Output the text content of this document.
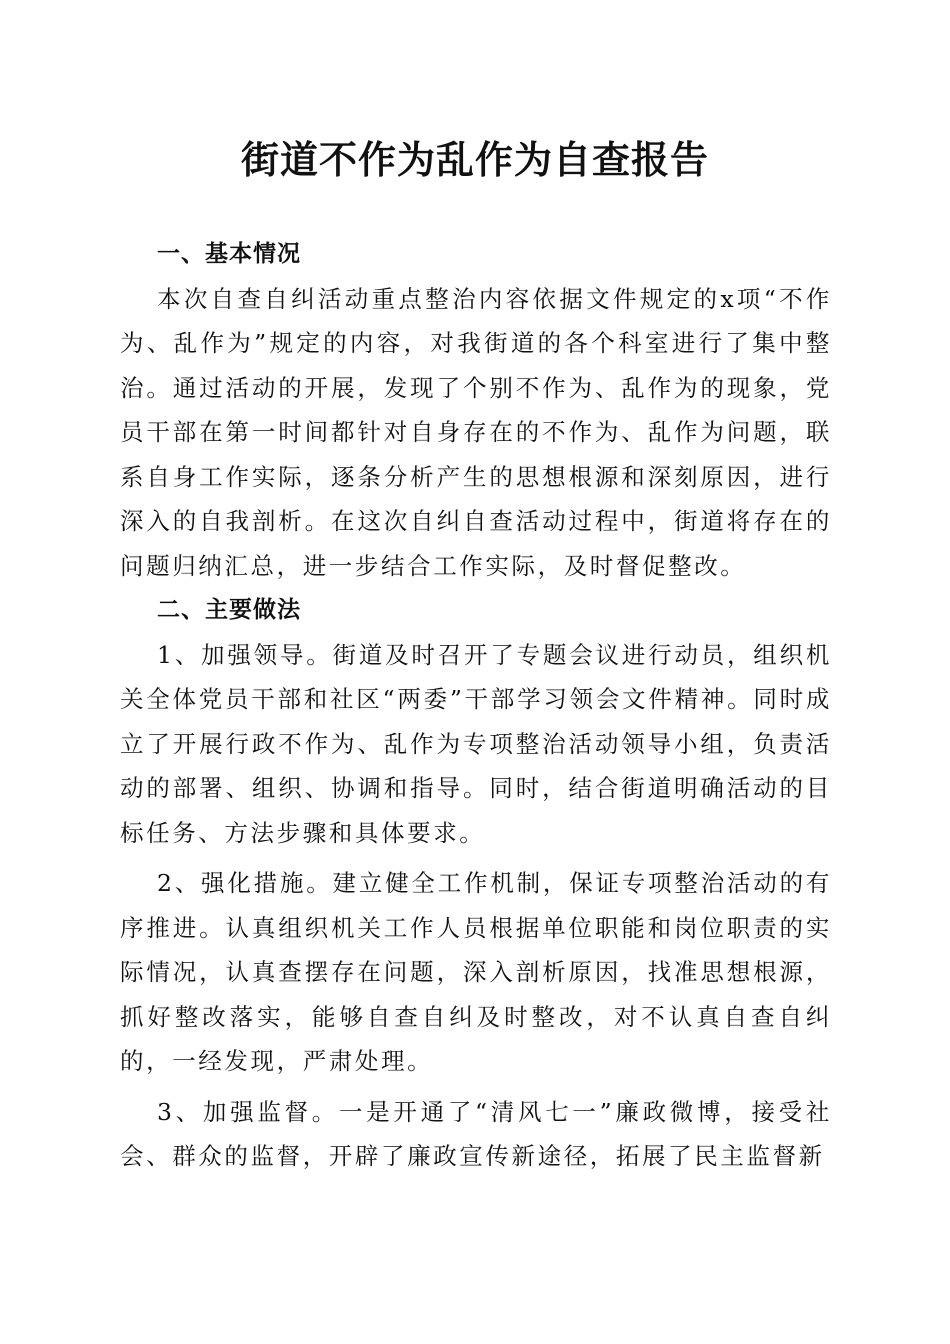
街道不作为乱作为自查报告
一、基本情况

本次自查自纠活动重点整治内容依据文件规定的x项“不作为、乱作为”规定的内容，对我街道的各个科室进行了集中整治。通过活动的开展，发现了个别不作为、乱作为的现象，党员干部在第一时间都针对自身存在的不作为、乱作为问题，联系自身工作实际，逐条分析产生的思想根源和深刻原因，进行深入的自我剖析。在这次自纠自查活动过程中，街道将存在的问题归纳汇总，进一步结合工作实际，及时督促整改。

二、主要做法

1、加强领导。街道及时召开了专题会议进行动员，组织机关全体党员干部和社区“两委”干部学习领会文件精神。同时成立了开展行政不作为、乱作为专项整治活动领导小组，负责活动的部署、组织、协调和指导。同时，结合街道明确活动的目标任务、方法步骤和具体要求。

2、强化措施。建立健全工作机制，保证专项整治活动的有序推进。认真组织机关工作人员根据单位职能和岗位职责的实际情况，认真查摆存在问题，深入剖析原因，找准思想根源，抓好整改落实，能够自查自纠及时整改，对不认真自查自纠的，一经发现，严肃处理。

3、加强监督。一是开通了“清风七一”廉政微博，接受社会、群众的监督，开辟了廉政宣传新途径，拓展了民主监督新
